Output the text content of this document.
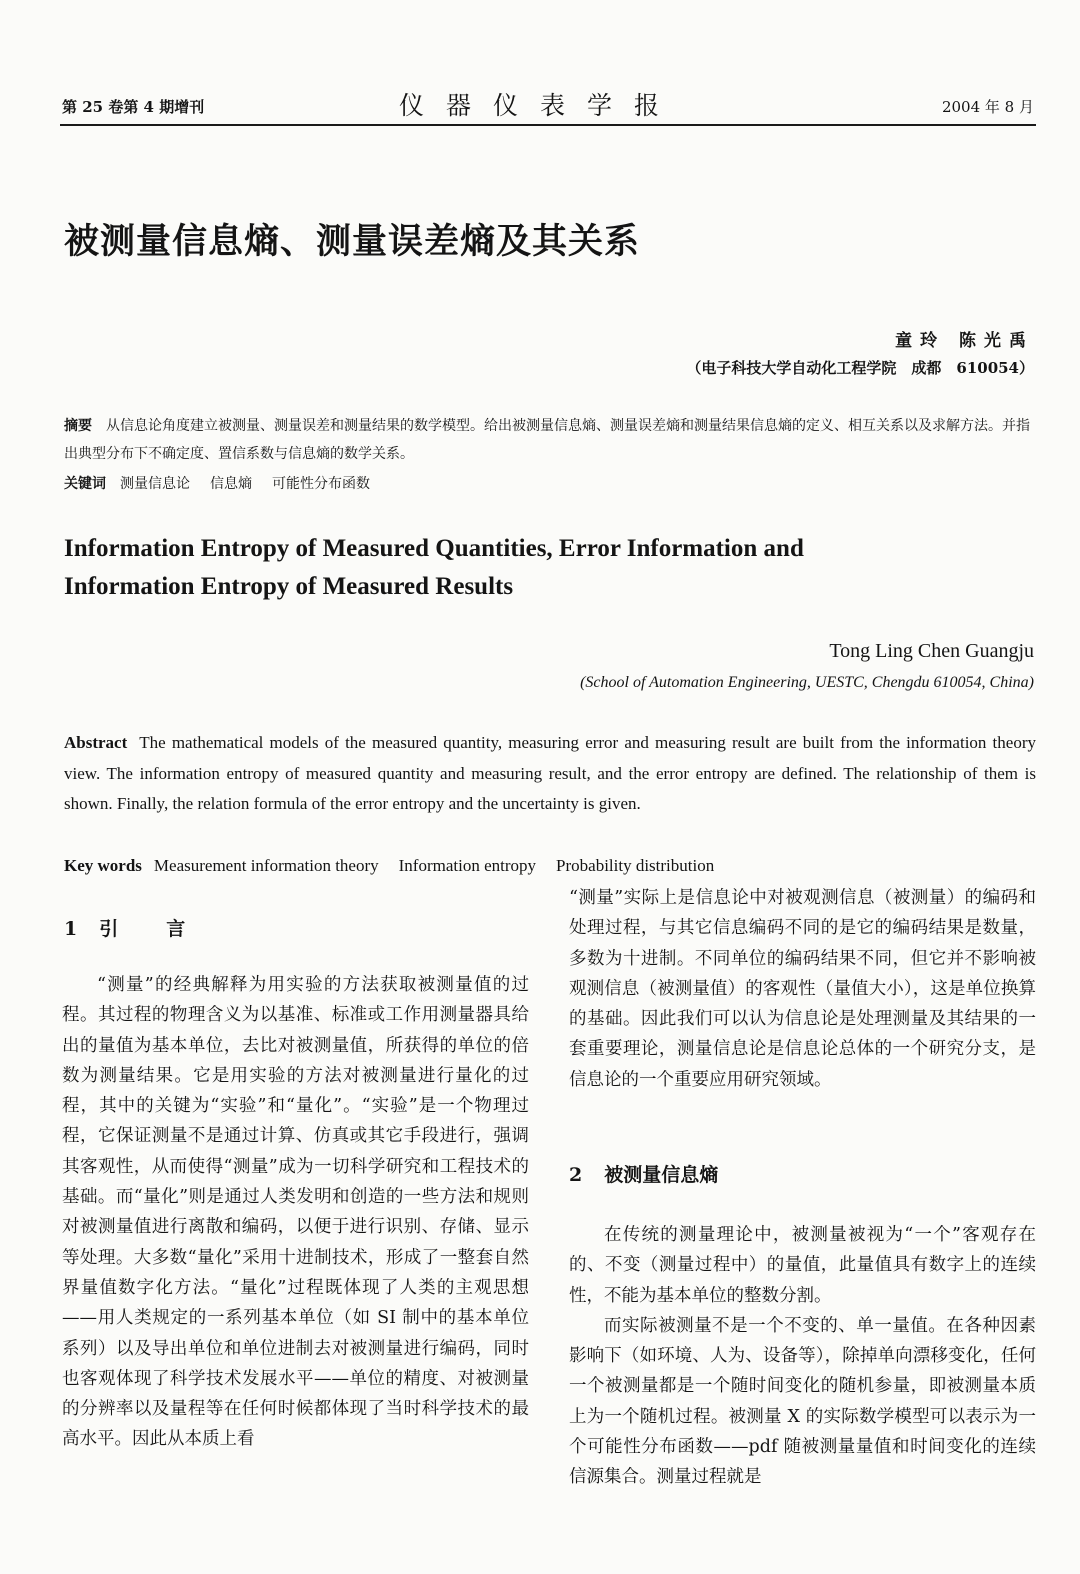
第 25 卷第 4 期增刊	仪器仪表学报	2004 年 8 月
被测量信息熵、测量误差熵及其关系
童玲 陈光禹
（电子科技大学自动化工程学院　成都　610054）
摘要 从信息论角度建立被测量、测量误差和测量结果的数学模型。给出被测量信息熵、测量误差熵和测量结果信息熵的定义、相互关系以及求解方法。并指出典型分布下不确定度、置信系数与信息熵的数学关系。
关键词 测量信息论 信息熵 可能性分布函数
Information Entropy of Measured Quantities, Error Information and
Information Entropy of Measured Results
Tong Ling Chen Guangju
(School of Automation Engineering, UESTC, Chengdu 610054, China)
Abstract The mathematical models of the measured quantity, measuring error and measuring result are built from the information theory view. The information entropy of measured quantity and measuring result, and the error entropy are defined. The relationship of them is shown. Finally, the relation formula of the error entropy and the uncertainty is given.
Key words Measurement information theory Information entropy Probability distribution
1 引言

“测量”的经典解释为用实验的方法获取被测量值的过程。其过程的物理含义为以基准、标准或工作用测量器具给出的量值为基本单位，去比对被测量值，所获得的单位的倍数为测量结果。它是用实验的方法对被测量进行量化的过程，其中的关键为“实验”和“量化”。“实验”是一个物理过程，它保证测量不是通过计算、仿真或其它手段进行，强调其客观性，从而使得“测量”成为一切科学研究和工程技术的基础。而“量化”则是通过人类发明和创造的一些方法和规则对被测量值进行离散和编码，以便于进行识别、存储、显示等处理。大多数“量化”采用十进制技术，形成了一整套自然界量值数字化方法。“量化”过程既体现了人类的主观思想——用人类规定的一系列基本单位（如 SI 制中的基本单位系列）以及导出单位和单位进制去对被测量进行编码，同时也客观体现了科学技术发展水平——单位的精度、对被测量的分辨率以及量程等在任何时候都体现了当时科学技术的最高水平。因此从本质上看

“测量”实际上是信息论中对被观测信息（被测量）的编码和处理过程，与其它信息编码不同的是它的编码结果是数量，多数为十进制。不同单位的编码结果不同，但它并不影响被观测信息（被测量值）的客观性（量值大小），这是单位换算的基础。因此我们可以认为信息论是处理测量及其结果的一套重要理论，测量信息论是信息论总体的一个研究分支，是信息论的一个重要应用研究领域。

2 被测量信息熵

在传统的测量理论中，被测量被视为“一个”客观存在的、不变（测量过程中）的量值，此量值具有数字上的连续性，不能为基本单位的整数分割。

而实际被测量不是一个不变的、单一量值。在各种因素影响下（如环境、人为、设备等），除掉单向漂移变化，任何一个被测量都是一个随时间变化的随机参量，即被测量本质上为一个随机过程。被测量 X 的实际数学模型可以表示为一个可能性分布函数——pdf 随被测量量值和时间变化的连续信源集合。测量过程就是
